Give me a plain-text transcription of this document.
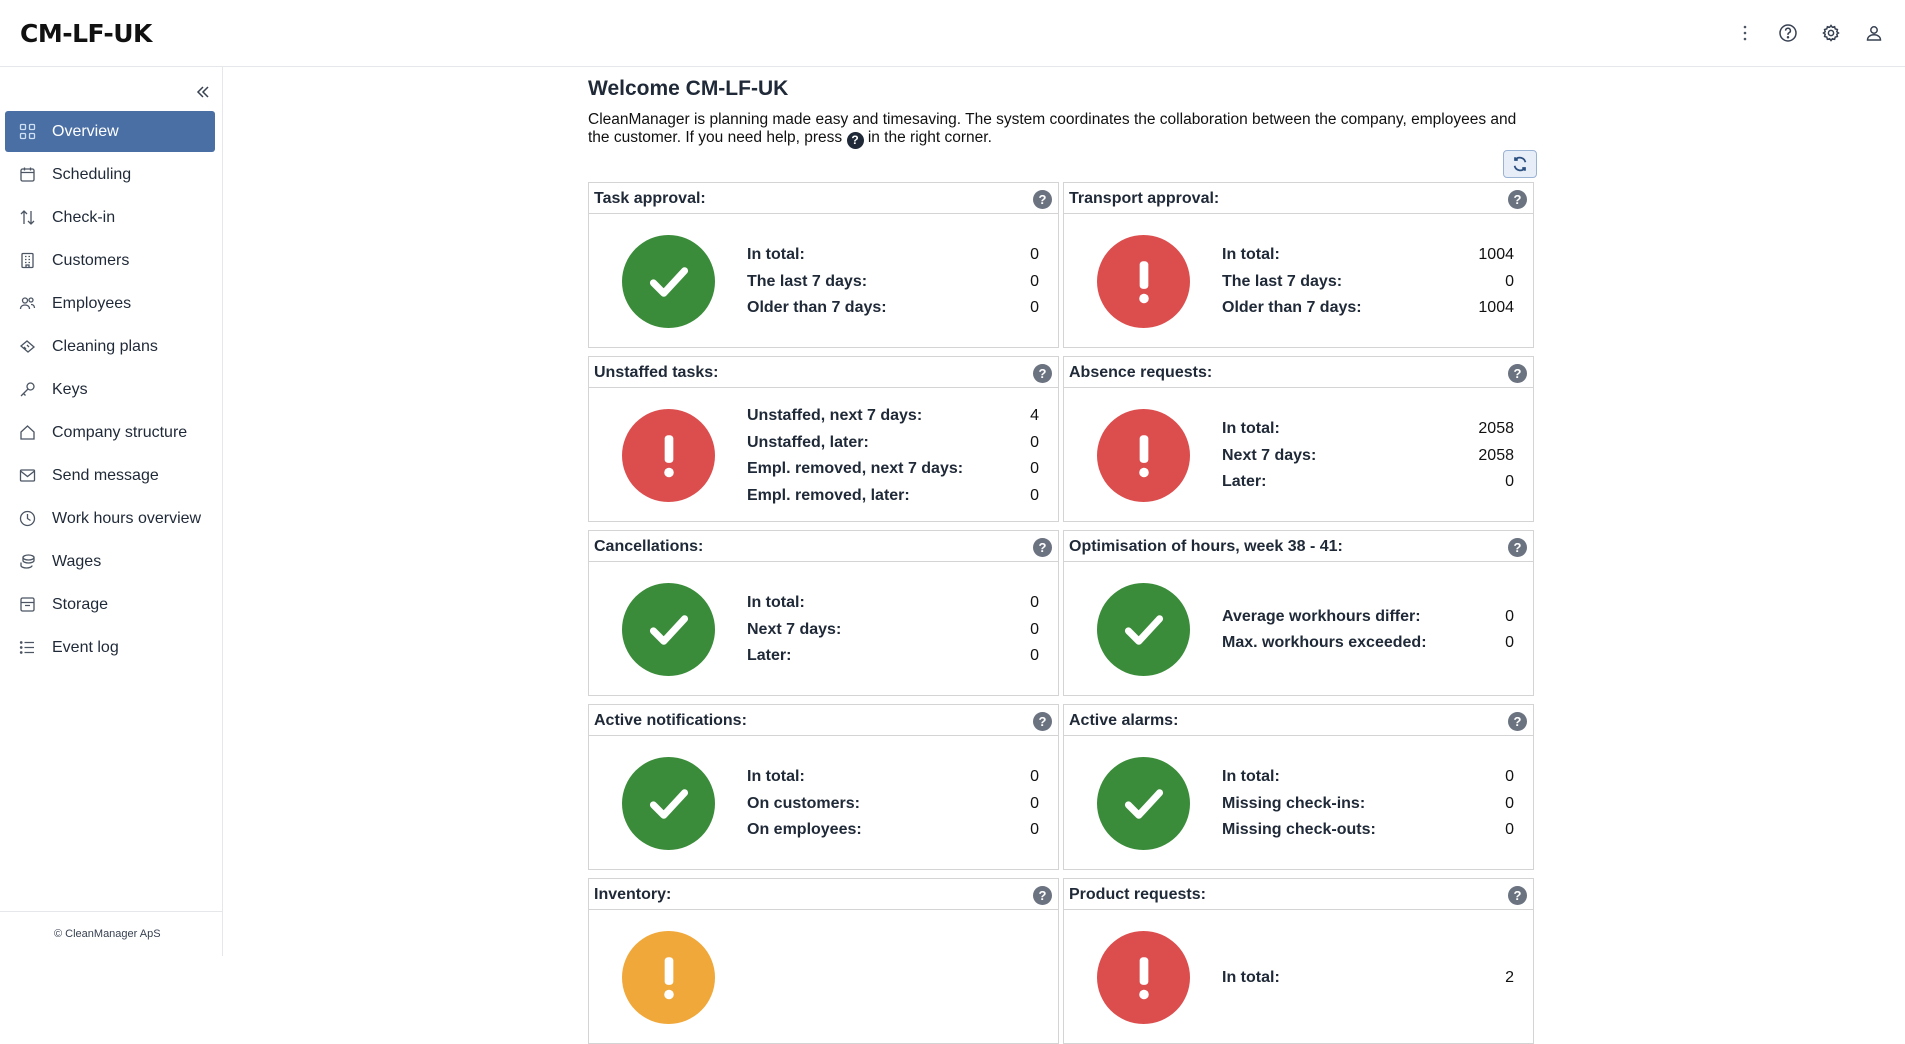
CM-LF-UK
Overview
Scheduling
Check-in
Customers
Employees
Cleaning plans
Keys
Company structure
Send message
Work hours overview
Wages
Storage
Event log
© CleanManager ApS
Welcome CM-LF-UK
CleanManager is planning made easy and timesaving. The system coordinates the collaboration between the company, employees and the customer. If you need help, press ? in the right corner.
Task approval:	?
In total:	0
The last 7 days:	0
Older than 7 days:	0
Transport approval:	?
In total:	1004
The last 7 days:	0
Older than 7 days:	1004
Unstaffed tasks:	?
Unstaffed, next 7 days:	4
Unstaffed, later:	0
Empl. removed, next 7 days:	0
Empl. removed, later:	0
Absence requests:	?
In total:	2058
Next 7 days:	2058
Later:	0
Cancellations:	?
In total:	0
Next 7 days:	0
Later:	0
Optimisation of hours, week 38 - 41:	?
Average workhours differ:	0
Max. workhours exceeded:	0
Active notifications:	?
In total:	0
On customers:	0
On employees:	0
Active alarms:	?
In total:	0
Missing check-ins:	0
Missing check-outs:	0
Inventory:	?	Product requests:	?
In total:	2
